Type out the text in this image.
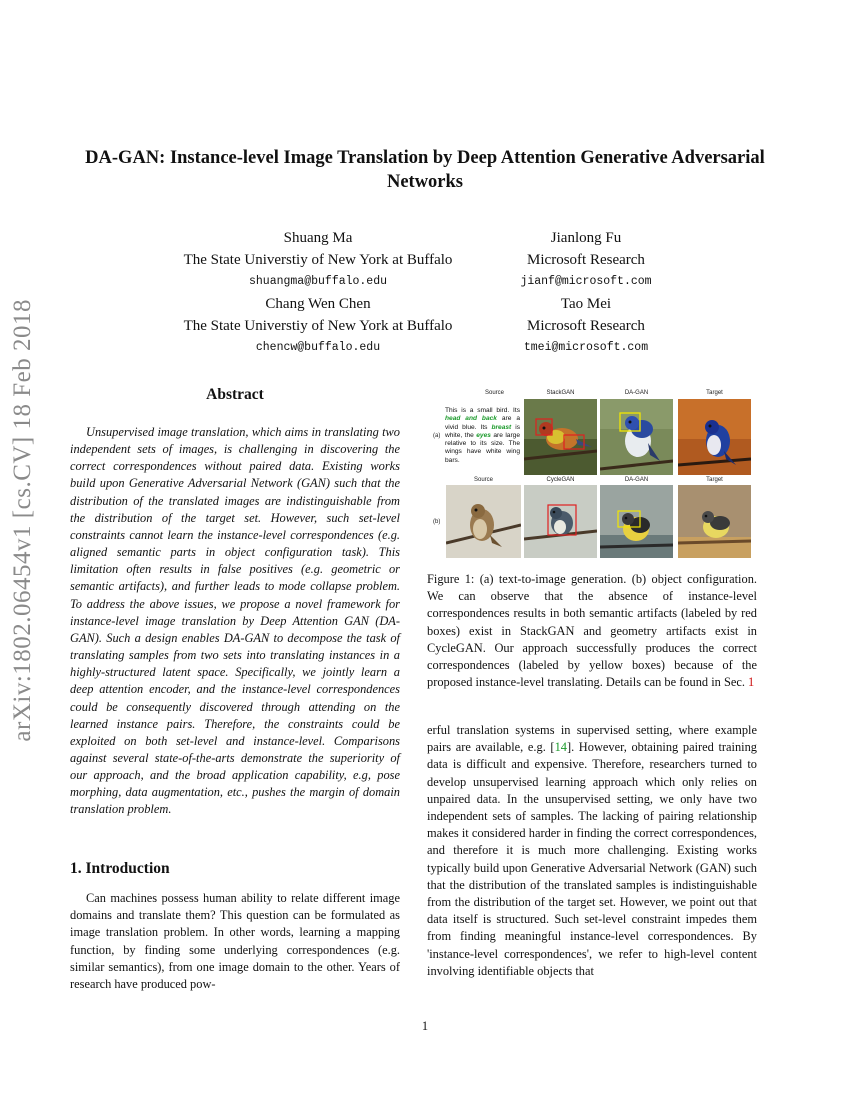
arXiv:1802.06454v1 [cs.CV] 18 Feb 2018
DA-GAN: Instance-level Image Translation by Deep Attention Generative Adversarial Networks
Shuang Ma
The State Universtiy of New York at Buffalo
shuangma@buffalo.edu
Jianlong Fu
Microsoft Research
jianf@microsoft.com
Chang Wen Chen
The State Universtiy of New York at Buffalo
chencw@buffalo.edu
Tao Mei
Microsoft Research
tmei@microsoft.com
Abstract

Unsupervised image translation, which aims in translating two independent sets of images, is challenging in discovering the correct correspondences without paired data. Existing works build upon Generative Adversarial Network (GAN) such that the distribution of the translated images are indistinguishable from the distribution of the target set. However, such set-level constraints cannot learn the instance-level correspondences (e.g. aligned semantic parts in object configuration task). This limitation often results in false positives (e.g. geometric or semantic artifacts), and further leads to mode collapse problem. To address the above issues, we propose a novel framework for instance-level image translation by Deep Attention GAN (DA-GAN). Such a design enables DA-GAN to decompose the task of translating samples from two sets into translating instances in a highly-structured latent space. Specifically, we jointly learn a deep attention encoder, and the instance-level correspondences could be consequently discovered through attending on the learned instance pairs. Therefore, the constraints could be exploited on both set-level and instance-level. Comparisons against several state-of-the-arts demonstrate the superiority of our approach, and the broad application capability, e.g, pose morphing, data augmentation, etc., pushes the margin of domain translation problem.

1. Introduction

Can machines possess human ability to relate different image domains and translate them? This question can be formulated as image translation problem. In other words, learning a mapping function, by finding some underlying correspondences (e.g. similar semantics), from one image domain to the other. Years of research have produced pow-

Source	StackGAN	DA-GAN	Target
(a)
This is a small bird. Its head and back are a vivid blue. Its breast is white, the eyes are large relative to its size. The wings have white wing bars.
Source	CycleGAN	DA-GAN	Target
(b)

Figure 1: (a) text-to-image generation. (b) object configuration. We can observe that the absence of instance-level correspondences results in both semantic artifacts (labeled by red boxes) exist in StackGAN and geometry artifacts exist in CycleGAN. Our approach successfully produces the correct correspondences (labeled by yellow boxes) because of the proposed instance-level translating. Details can be found in Sec. 1

erful translation systems in supervised setting, where example pairs are available, e.g. [14]. However, obtaining paired training data is difficult and expensive. Therefore, researchers turned to develop unsupervised learning approach which only relies on unpaired data. In the unsupervised setting, we only have two independent sets of samples. The lacking of pairing relationship makes it considered harder in finding the correct correspondences, and therefore it is much more challenging. Existing works typically build upon Generative Adversarial Network (GAN) such that the distribution of the translated samples is indistinguishable from the distribution of the target set. However, we point out that data itself is structured. Such set-level constraint impedes them from finding meaningful instance-level correspondences. By 'instance-level correspondences', we refer to high-level content involving identifiable objects that

1
